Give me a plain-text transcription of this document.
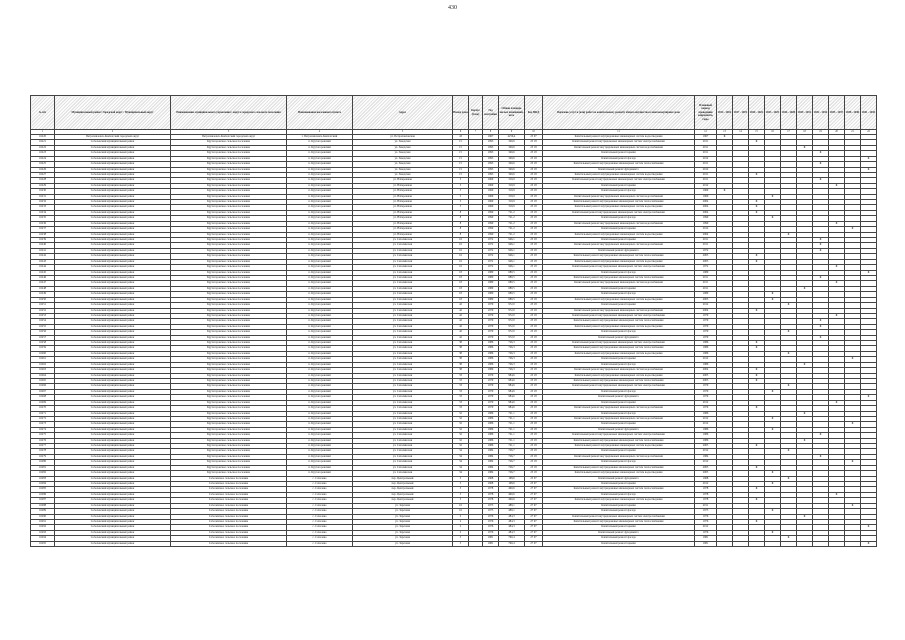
430
№ п/п	Муниципальный район / Городской округ / Муниципальный округ	Наименование муниципального управления / округа городского сельского поселения	Наименование населенного пункта	Адрес	Номер дома	Корпус (блок)	Год постройки	Общая площадь жилых помещений, кв.м	Код МКД	Перечень услуг и (или) работ по капитальному ремонту общего имущества в многоквартирном доме	Плановый период проведения капремонта, годы	2014 - 2016	2017 - 2019	2020 - 2022	2023 - 2025	2026 - 2028	2029 - 2031	2032 - 2034	2035 - 2037	2038 - 2040	2041 - 2043
1	2	3	4	5	6	7	8	9	10	11	12	13	14	15	16	17	18	19	20	21	22
16220	Петропавловск-Камчатский городской округ	Петропавловск-Камчатский городской округ	г. Петропавловск-Камчатский	ул. Петропавловская	43		1967	4256,4	25 07	Капитальный ремонт внутридомовых инженерных систем водоотведения	1967	X									
16221	Соболевский муниципальный район	Крутогоровское сельское поселение	п. Крутогоровский	ул. Заводская	15		1993	349,6	25 18	Капитальный ремонт внутридомовых инженерных систем электроснабжения	2011			X							
16222	Соболевский муниципальный район	Крутогоровское сельское поселение	п. Крутогоровский	ул. Заводская	15		1993	349,6	25 18	Капитальный ремонт внутридомовых инженерных систем водоснабжения	2011						X				
16223	Соболевский муниципальный район	Крутогоровское сельское поселение	п. Крутогоровский	ул. Заводская	15		1993	349,6	25 18	Капитальный ремонт крыши	2011							X			
16224	Соболевский муниципальный район	Крутогоровское сельское поселение	п. Крутогоровский	ул. Заводская	15		1993	349,6	25 18	Капитальный ремонт фасада	2012										X
16225	Соболевский муниципальный район	Крутогоровское сельское поселение	п. Крутогоровский	ул. Заводская	15		1993	349,6	25 18	Капитальный ремонт внутридомовых инженерных систем теплоснабжения	2011							X			
16226	Соболевский муниципальный район	Крутогоровское сельское поселение	п. Крутогоровский	ул. Заводская	15		1993	349,6	25 18	Капитальный ремонт фундамента	2012										X
16227	Соболевский муниципальный район	Крутогоровское сельское поселение	п. Крутогоровский	ул. Заводская	15		1993	349,6	25 18	Капитальный ремонт внутридомовых инженерных систем водоотведения	2011			X							
16228	Соболевский муниципальный район	Крутогоровское сельское поселение	п. Крутогоровский	ул. Набережная	5		1969	319,9	25 18	Капитальный ремонт внутридомовых инженерных систем электроснабжения	2011							X			
16229	Соболевский муниципальный район	Крутогоровское сельское поселение	п. Крутогоровский	ул. Набережная	5		1969	319,9	25 18	Капитальный ремонт крыши	2012								X		
16230	Соболевский муниципальный район	Крутогоровское сельское поселение	п. Крутогоровский	ул. Набережная	5		1969	319,9	25 18	Капитальный ремонт фасада	1969	X									
16231	Соболевский муниципальный район	Крутогоровское сельское поселение	п. Крутогоровский	ул. Набережная	5		1969	319,9	25 18	Капитальный ремонт внутридомовых инженерных систем водоснабжения	1969				X						
16232	Соболевский муниципальный район	Крутогоровское сельское поселение	п. Крутогоровский	ул. Набережная	5		1969	319,9	25 18	Капитальный ремонт внутридомовых инженерных систем теплоснабжения	2004			X							
16233	Соболевский муниципальный район	Крутогоровское сельское поселение	п. Крутогоровский	ул. Набережная	5		1969	319,9	25 18	Капитальный ремонт внутридомовых инженерных систем водоотведения	2004			X							
16234	Соболевский муниципальный район	Крутогоровское сельское поселение	п. Крутогоровский	ул. Набережная	8		1990	721,2	25 18	Капитальный ремонт внутридомовых инженерных систем электроснабжения	2004			X							
16235	Соболевский муниципальный район	Крутогоровское сельское поселение	п. Крутогоровский	ул. Набережная	8		1990	721,2	25 18	Капитальный ремонт фасада	1990				X						
16236	Соболевский муниципальный район	Крутогоровское сельское поселение	п. Крутогоровский	ул. Набережная	8		1990	721,2	25 18	Капитальный ремонт внутридомовых инженерных систем водоснабжения	1990								X		
16237	Соболевский муниципальный район	Крутогоровское сельское поселение	п. Крутогоровский	ул. Набережная	8		1990	721,2	25 18	Капитальный ремонт крыши	2012									X	
16238	Соболевский муниципальный район	Крутогоровское сельское поселение	п. Крутогоровский	ул. Набережная	8		1990	721,2	25 18	Капитальный ремонт внутридомовых инженерных систем водоотведения	2004					X					
16239	Соболевский муниципальный район	Крутогоровское сельское поселение	п. Крутогоровский	ул. Сахалинская	16		1972	946,1	25 18	Капитальный ремонт крыши	2011							X			
16240	Соболевский муниципальный район	Крутогоровское сельское поселение	п. Крутогоровский	ул. Сахалинская	16		1972	946,1	25 18	Капитальный ремонт внутридомовых инженерных систем водоснабжения	2011							X			
16241	Соболевский муниципальный район	Крутогоровское сельское поселение	п. Крутогоровский	ул. Сахалинская	16		1972	946,1	25 18	Капитальный ремонт фундамента	1972							X			
16242	Соболевский муниципальный район	Крутогоровское сельское поселение	п. Крутогоровский	ул. Сахалинская	16		1972	946,1	25 18	Капитальный ремонт внутридомовых инженерных систем теплоснабжения	2005			X							
16243	Соболевский муниципальный район	Крутогоровское сельское поселение	п. Крутогоровский	ул. Сахалинская	16		1972	946,1	25 18	Капитальный ремонт внутридомовых инженерных систем водоотведения	2005			X							
16244	Соболевский муниципальный район	Крутогоровское сельское поселение	п. Крутогоровский	ул. Сахалинская	16		1972	946,1	25 18	Капитальный ремонт внутридомовых инженерных систем электроснабжения	1972								X		
16245	Соболевский муниципальный район	Крутогоровское сельское поселение	п. Крутогоровский	ул. Сахалинская	18		1980	680,5	25 18	Капитальный ремонт фасада	1980										X
16246	Соболевский муниципальный район	Крутогоровское сельское поселение	п. Крутогоровский	ул. Сахалинская	18		1980	680,5	25 18	Капитальный ремонт внутридомовых инженерных систем теплоснабжения	2011							X			
16247	Соболевский муниципальный район	Крутогоровское сельское поселение	п. Крутогоровский	ул. Сахалинская	18		1980	680,5	25 18	Капитальный ремонт внутридомовых инженерных систем водоснабжения	2011								X		
16248	Соболевский муниципальный район	Крутогоровское сельское поселение	п. Крутогоровский	ул. Сахалинская	18		1980	680,5	25 18	Капитальный ремонт крыши	2011						X				
16249	Соболевский муниципальный район	Крутогоровское сельское поселение	п. Крутогоровский	ул. Сахалинская	18		1980	680,5	25 18	Капитальный ремонт фасада	1980				X						
16250	Соболевский муниципальный район	Крутогоровское сельское поселение	п. Крутогоровский	ул. Сахалинская	18		1980	680,5	25 18	Капитальный ремонт внутридомовых инженерных систем водоотведения	2005				X						
16251	Соболевский муниципальный район	Крутогоровское сельское поселение	п. Крутогоровский	ул. Сахалинская	42		1979	972,0	25 18	Капитальный ремонт крыши	2012					X					
16252	Соболевский муниципальный район	Крутогоровское сельское поселение	п. Крутогоровский	ул. Сахалинская	42		1979	972,0	25 18	Капитальный ремонт внутридомовых инженерных систем водоснабжения	2004			X							
16253	Соболевский муниципальный район	Крутогоровское сельское поселение	п. Крутогоровский	ул. Сахалинская	42		1979	972,0	25 18	Капитальный ремонт внутридомовых инженерных систем электроснабжения	1979								X		
16254	Соболевский муниципальный район	Крутогоровское сельское поселение	п. Крутогоровский	ул. Сахалинская	42		1979	972,0	25 18	Капитальный ремонт внутридомовых инженерных систем теплоснабжения	1979							X			
16255	Соболевский муниципальный район	Крутогоровское сельское поселение	п. Крутогоровский	ул. Сахалинская	42		1979	972,0	25 18	Капитальный ремонт внутридомовых инженерных систем водоотведения	1979							X			
16256	Соболевский муниципальный район	Крутогоровское сельское поселение	п. Крутогоровский	ул. Сахалинская	42		1979	972,0	25 18	Капитальный ремонт фасада	1979					X					
16257	Соболевский муниципальный район	Крутогоровское сельское поселение	п. Крутогоровский	ул. Сахалинская	42		1979	972,0	25 18	Капитальный ремонт фундамента	1979							X			
16258	Соболевский муниципальный район	Крутогоровское сельское поселение	п. Крутогоровский	ул. Сахалинская	38		1986	726,3	25 18	Капитальный ремонт внутридомовых инженерных систем электроснабжения	1986			X							
16259	Соболевский муниципальный район	Крутогоровское сельское поселение	п. Крутогоровский	ул. Сахалинская	38		1986	726,3	25 18	Капитальный ремонт внутридомовых инженерных систем теплоснабжения	1986			X							
16260	Соболевский муниципальный район	Крутогоровское сельское поселение	п. Крутогоровский	ул. Сахалинская	38		1986	726,3	25 18	Капитальный ремонт внутридомовых инженерных систем водоотведения	1986					X					
16261	Соболевский муниципальный район	Крутогоровское сельское поселение	п. Крутогоровский	ул. Сахалинская	38		1986	726,3	25 18	Капитальный ремонт крыши	2012									X	
16262	Соболевский муниципальный район	Крутогоровское сельское поселение	п. Крутогоровский	ул. Сахалинская	38		1986	726,3	25 18	Капитальный ремонт фасада	1986						X				
16263	Соболевский муниципальный район	Крутогоровское сельское поселение	п. Крутогоровский	ул. Сахалинская	38		1986	726,3	25 18	Капитальный ремонт внутридомовых инженерных систем водоснабжения	2004			X							
16264	Соболевский муниципальный район	Крутогоровское сельское поселение	п. Крутогоровский	ул. Сахалинская	33		1979	984,6	25 18	Капитальный ремонт внутридомовых инженерных систем водоотведения	2005			X							
16265	Соболевский муниципальный район	Крутогоровское сельское поселение	п. Крутогоровский	ул. Сахалинская	33		1979	984,6	25 18	Капитальный ремонт внутридомовых инженерных систем теплоснабжения	2005			X							
16266	Соболевский муниципальный район	Крутогоровское сельское поселение	п. Крутогоровский	ул. Сахалинская	33		1979	984,6	25 18	Капитальный ремонт внутридомовых инженерных систем электроснабжения	1979					X					
16267	Соболевский муниципальный район	Крутогоровское сельское поселение	п. Крутогоровский	ул. Сахалинская	33		1979	984,6	25 18	Капитальный ремонт фасада	1979				X						
16268	Соболевский муниципальный район	Крутогоровское сельское поселение	п. Крутогоровский	ул. Сахалинская	33		1979	984,6	25 18	Капитальный ремонт фундамента	1979										X
16269	Соболевский муниципальный район	Крутогоровское сельское поселение	п. Крутогоровский	ул. Сахалинская	33		1979	984,6	25 18	Капитальный ремонт крыши	2012								X		
16270	Соболевский муниципальный район	Крутогоровское сельское поселение	п. Крутогоровский	ул. Сахалинская	33		1979	984,6	25 18	Капитальный ремонт внутридомовых инженерных систем водоснабжения	1979			X							
16271	Соболевский муниципальный район	Крутогоровское сельское поселение	п. Крутогоровский	ул. Сахалинская	32		1986	721,1	25 18	Капитальный ремонт фасада	1986						X				
16272	Соболевский муниципальный район	Крутогоровское сельское поселение	п. Крутогоровский	ул. Сахалинская	32		1986	721,1	25 18	Капитальный ремонт внутридомовых инженерных систем водоснабжения	2012				X						
16273	Соболевский муниципальный район	Крутогоровское сельское поселение	п. Крутогоровский	ул. Сахалинская	32		1986	721,1	25 18	Капитальный ремонт крыши	2012									X	
16274	Соболевский муниципальный район	Крутогоровское сельское поселение	п. Крутогоровский	ул. Сахалинская	32		1986	721,1	25 18	Капитальный ремонт фундамента	1986				X						
16275	Соболевский муниципальный район	Крутогоровское сельское поселение	п. Крутогоровский	ул. Сахалинская	32		1986	721,1	25 18	Капитальный ремонт внутридомовых инженерных систем электроснабжения	1986							X			
16276	Соболевский муниципальный район	Крутогоровское сельское поселение	п. Крутогоровский	ул. Сахалинская	32		1986	721,1	25 18	Капитальный ремонт внутридомовых инженерных систем теплоснабжения	1986						X				
16277	Соболевский муниципальный район	Крутогоровское сельское поселение	п. Крутогоровский	ул. Сахалинская	32		1986	721,1	25 18	Капитальный ремонт внутридомовых инженерных систем водоотведения	2005			X							
16278	Соболевский муниципальный район	Крутогоровское сельское поселение	п. Крутогоровский	ул. Сахалинская	34		1984	726,7	25 18	Капитальный ремонт крыши	2012					X					
16279	Соболевский муниципальный район	Крутогоровское сельское поселение	п. Крутогоровский	ул. Сахалинская	34		1984	726,7	25 18	Капитальный ремонт внутридомовых инженерных систем водоснабжения	1984							X			
16280	Соболевский муниципальный район	Крутогоровское сельское поселение	п. Крутогоровский	ул. Сахалинская	34		1984	726,7	25 18	Капитальный ремонт фасада	2012									X	
16281	Соболевский муниципальный район	Крутогоровское сельское поселение	п. Крутогоровский	ул. Сахалинская	34		1984	726,7	25 18	Капитальный ремонт внутридомовых инженерных систем теплоснабжения	2005			X							
16282	Соболевский муниципальный район	Крутогоровское сельское поселение	п. Крутогоровский	ул. Сахалинская	34		1984	726,7	25 18	Капитальный ремонт внутридомовых инженерных систем водоотведения	2005				X						
16283	Соболевский муниципальный район	Соболевское сельское поселение	с. Соболево	пер. Центральный	3		1968	168,6	25 07	Капитальный ремонт фундамента	1968					X					
16284	Соболевский муниципальный район	Соболевское сельское поселение	с. Соболево	пер. Центральный	3		1968	168,6	25 07	Капитальный ремонт крыши	2012				X						
16285	Соболевский муниципальный район	Соболевское сельское поселение	с. Соболево	пер. Центральный	5		1978	490,6	27 07	Капитальный ремонт внутридомовых инженерных систем теплоснабжения	1978			X							
16286	Соболевский муниципальный район	Соболевское сельское поселение	с. Соболево	пер. Центральный	5		1978	490,6	27 07	Капитальный ремонт фасада	1978								X		
16287	Соболевский муниципальный район	Соболевское сельское поселение	с. Соболево	пер. Центральный	5		1978	490,6	27 07	Капитальный ремонт внутридомовых инженерных систем водоотведения	1978			X							
16288	Соболевский муниципальный район	Соболевское сельское поселение	с. Соболево	ул. Заречная	16		1975	489,1	27 07	Капитальный ремонт крыши	2011									X	
16289	Соболевский муниципальный район	Соболевское сельское поселение	с. Соболево	ул. Заречная	16		1975	489,1	27 07	Капитальный ремонт фасада	1975				X						
16290	Соболевский муниципальный район	Соболевское сельское поселение	с. Соболево	ул. Заречная	2		1976	484,3	27 07	Капитальный ремонт внутридомовых инженерных систем электроснабжения	1976						X				
16291	Соболевский муниципальный район	Соболевское сельское поселение	с. Соболево	ул. Заречная	2		1976	484,3	27 07	Капитальный ремонт внутридомовых инженерных систем теплоснабжения	1976			X							
16292	Соболевский муниципальный район	Соболевское сельское поселение	с. Соболево	ул. Заречная	2		1976	484,3	27 07	Капитальный ремонт крыши	2012										X
16293	Соболевский муниципальный район	Соболевское сельское поселение	с. Соболево	ул. Заречная	2		1976	484,3	27 07	Капитальный ремонт фундамента	1976				X						
16294	Соболевский муниципальный район	Соболевское сельское поселение	с. Соболево	ул. Заречная	3		1981	760,4	27 07	Капитальный ремонт фасада	1981					X					
16295	Соболевский муниципальный район	Соболевское сельское поселение	с. Соболево	ул. Заречная	3		1981	760,4	27 07	Капитальный ремонт крыши	1981										X
